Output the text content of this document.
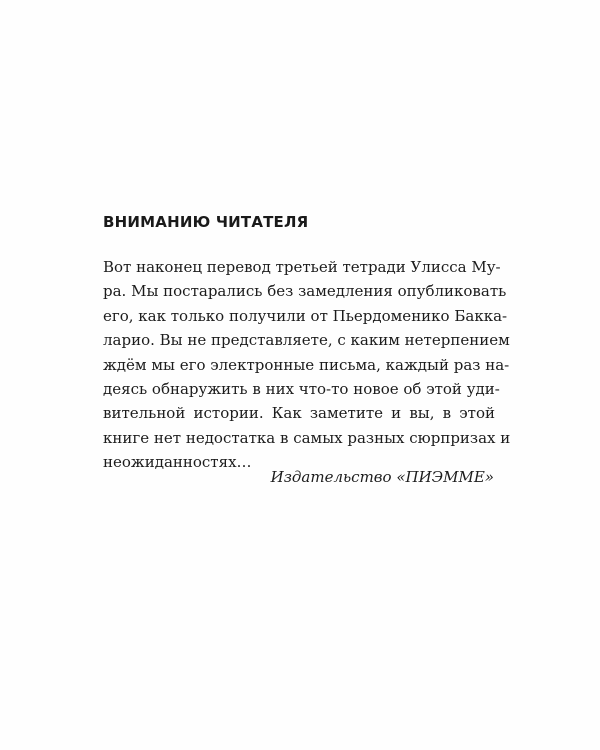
ВНИМАНИЮ ЧИТАТЕЛЯ

Вот наконец перевод третьей тетради Улисса Му-
ра. Мы постарались без замедления опубликовать
его, как только получили от Пьердоменико Бакка-
ларио. Вы не представляете, с каким нетерпением
ждём мы его электронные письма, каждый раз на-
деясь обнаружить в них что-то новое об этой уди-
вительной истории. Как заметите и вы, в этой
книге нет недостатка в самых разных сюрпризах и
неожиданностях…

Издательство «ПИЭММЕ»
